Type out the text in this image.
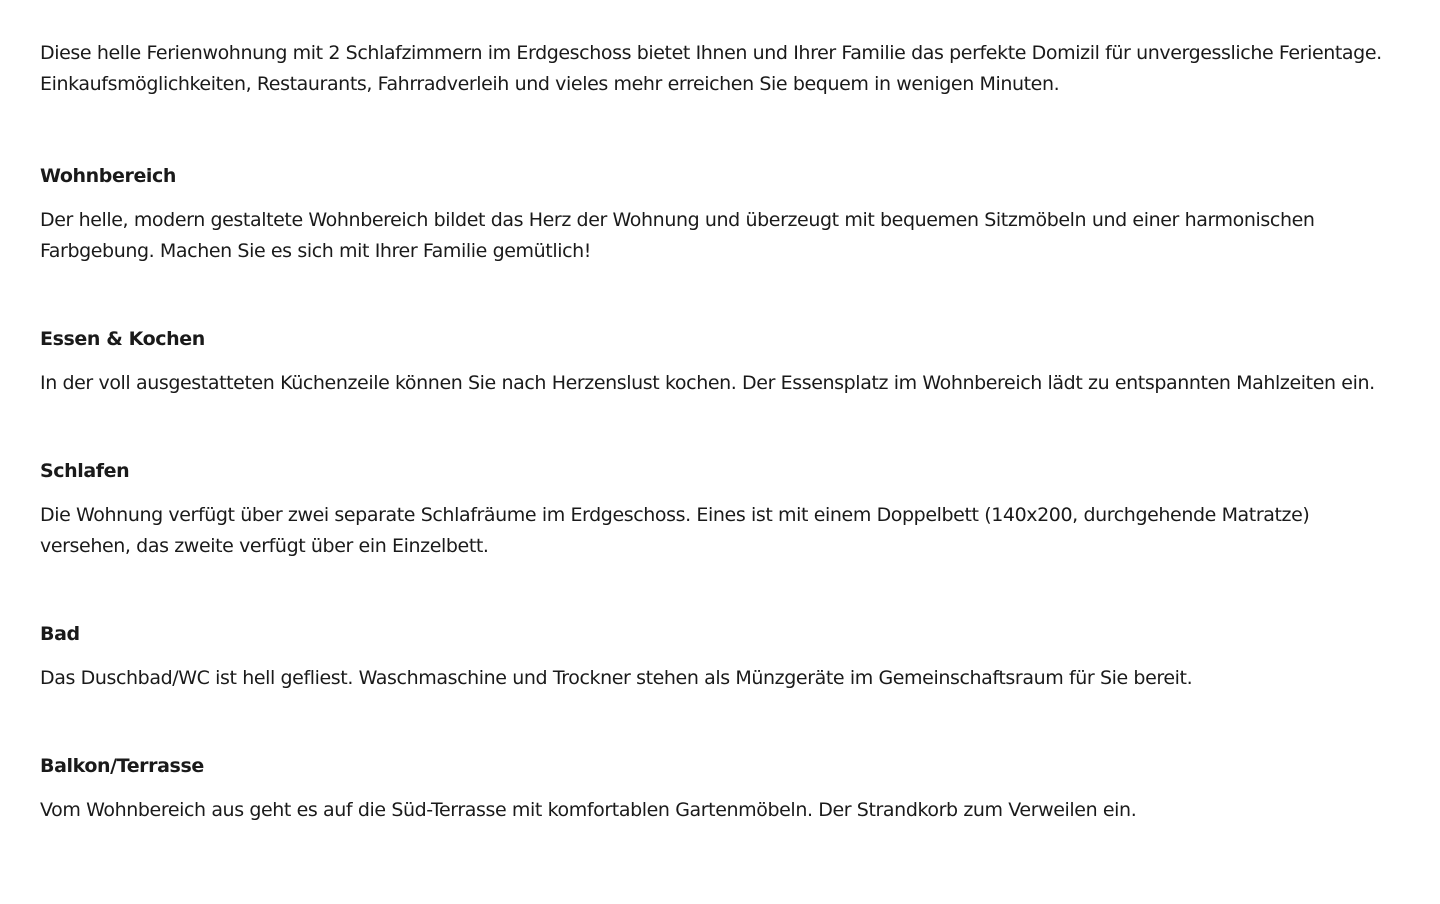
Diese helle Ferienwohnung mit 2 Schlafzimmern im Erdgeschoss bietet Ihnen und Ihrer Familie das perfekte Domizil für unvergessliche Ferientage.
Einkaufsmöglichkeiten, Restaurants, Fahrradverleih und vieles mehr erreichen Sie bequem in wenigen Minuten.

Wohnbereich

Der helle, modern gestaltete Wohnbereich bildet das Herz der Wohnung und überzeugt mit bequemen Sitzmöbeln und einer harmonischen
Farbgebung. Machen Sie es sich mit Ihrer Familie gemütlich!

Essen & Kochen

In der voll ausgestatteten Küchenzeile können Sie nach Herzenslust kochen. Der Essensplatz im Wohnbereich lädt zu entspannten Mahlzeiten ein.

Schlafen

Die Wohnung verfügt über zwei separate Schlafräume im Erdgeschoss. Eines ist mit einem Doppelbett (140x200, durchgehende Matratze)
versehen, das zweite verfügt über ein Einzelbett.

Bad

Das Duschbad/WC ist hell gefliest. Waschmaschine und Trockner stehen als Münzgeräte im Gemeinschaftsraum für Sie bereit.

Balkon/Terrasse

Vom Wohnbereich aus geht es auf die Süd-Terrasse mit komfortablen Gartenmöbeln. Der Strandkorb zum Verweilen ein.
